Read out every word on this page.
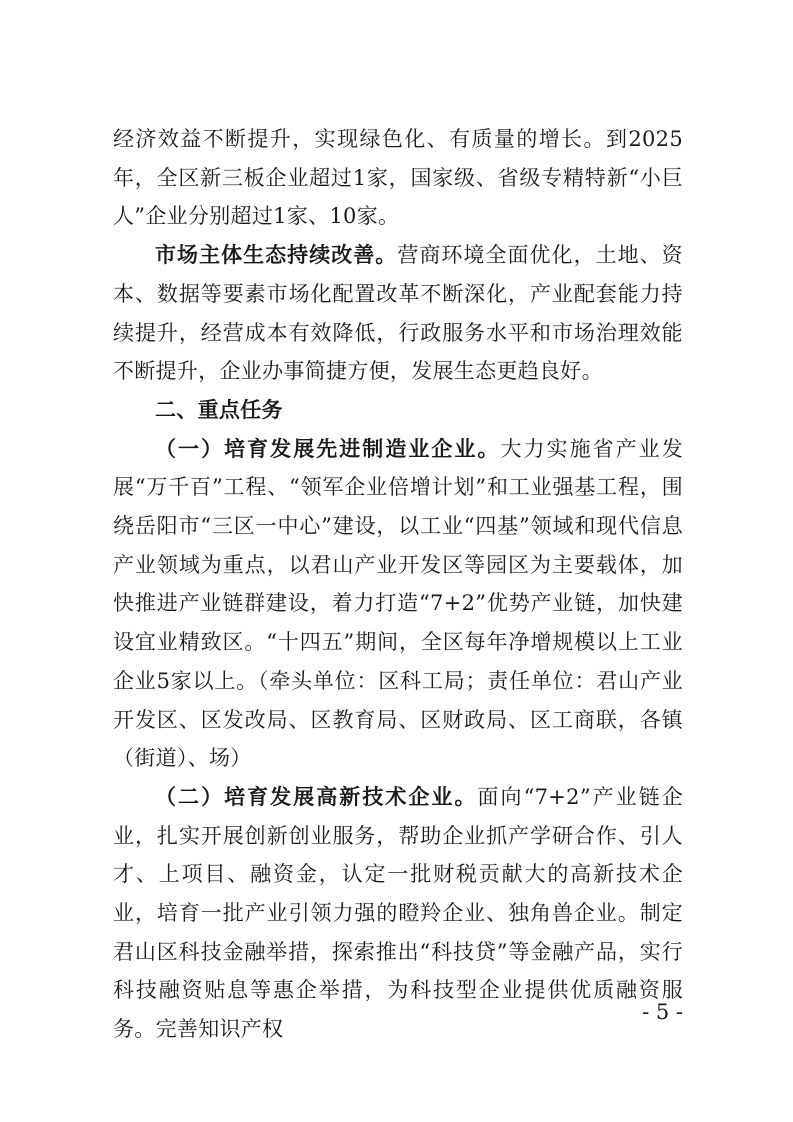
经济效益不断提升，实现绿色化、有质量的增长。到2025年，全区新三板企业超过1家，国家级、省级专精特新“小巨人”企业分别超过1家、10家。

市场主体生态持续改善。营商环境全面优化，土地、资本、数据等要素市场化配置改革不断深化，产业配套能力持续提升，经营成本有效降低，行政服务水平和市场治理效能不断提升，企业办事简捷方便，发展生态更趋良好。

二、重点任务

（一）培育发展先进制造业企业。大力实施省产业发展“万千百”工程、“领军企业倍增计划”和工业强基工程，围绕岳阳市“三区一中心”建设，以工业“四基”领域和现代信息产业领域为重点，以君山产业开发区等园区为主要载体，加快推进产业链群建设，着力打造“7+2”优势产业链，加快建设宜业精致区。“十四五”期间，全区每年净增规模以上工业企业5家以上。（牵头单位：区科工局；责任单位：君山产业开发区、区发改局、区教育局、区财政局、区工商联，各镇（街道）、场）

（二）培育发展高新技术企业。面向“7+2”产业链企业，扎实开展创新创业服务，帮助企业抓产学研合作、引人才、上项目、融资金，认定一批财税贡献大的高新技术企业，培育一批产业引领力强的瞪羚企业、独角兽企业。制定君山区科技金融举措，探索推出“科技贷”等金融产品，实行科技融资贴息等惠企举措，为科技型企业提供优质融资服务。完善知识产权

- 5 -
